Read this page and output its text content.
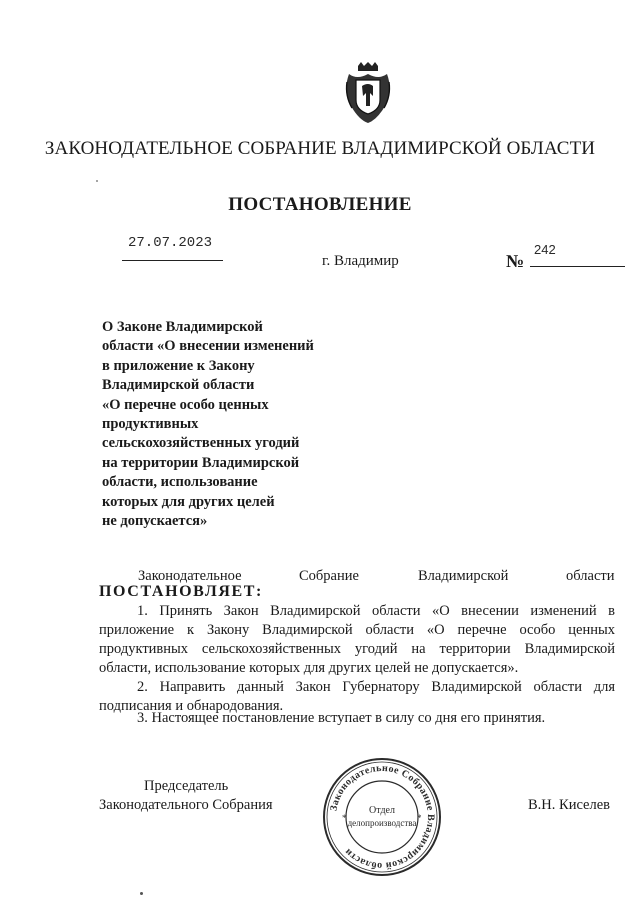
ЗАКОНОДАТЕЛЬНОЕ СОБРАНИЕ ВЛАДИМИРСКОЙ ОБЛАСТИ
ПОСТАНОВЛЕНИЕ
27.07.2023
г. Владимир	№
242
О Законе Владимирской
области «О внесении изменений
в приложение к Закону
Владимирской области
«О перечне особо ценных
продуктивных
сельскохозяйственных угодий
на территории Владимирской
области, использование
которых для других целей
не допускается»
Законодательное	Собрание	Владимирской	области
ПОСТАНОВЛЯЕТ:
1. Принять Закон Владимирской области «О внесении изменений в приложение к Закону Владимирской области «О перечне особо ценных продуктивных сельскохозяйственных угодий на территории Владимирской области, использование которых для других целей не допускается».
2. Направить данный Закон Губернатору Владимирской области для подписания и обнародования.
3. Настоящее постановление вступает в силу со дня его принятия.
Председатель
Законодательного Собрания	В.Н. Киселев
Законодательное Собрание Владимирской области
Отдел
делопроизводства
*	*
